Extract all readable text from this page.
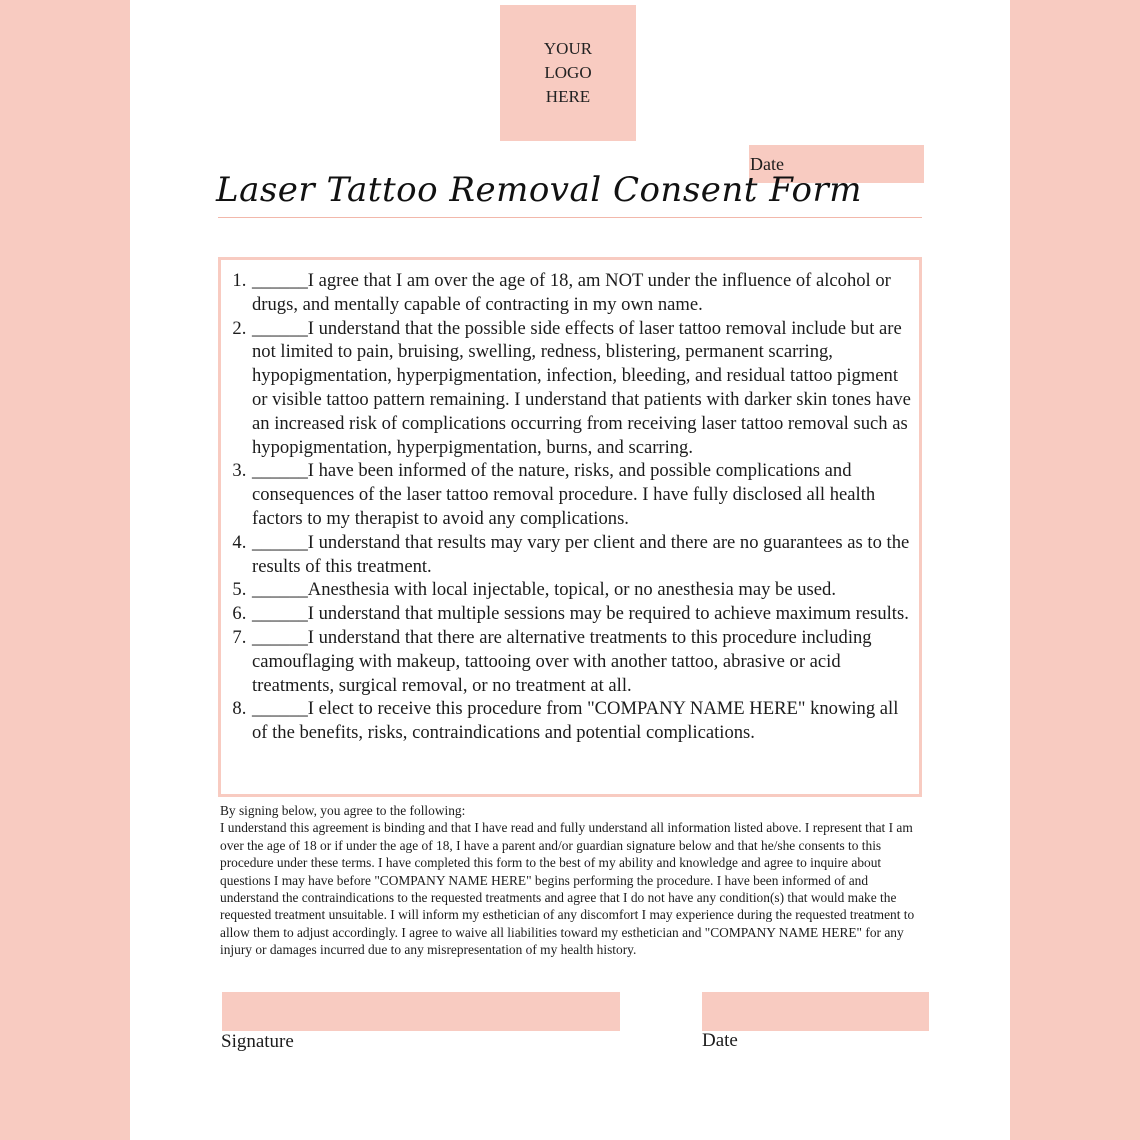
YOUR
LOGO
HERE
Date
Laser Tattoo Removal Consent Form
1. ______I agree that I am over the age of 18, am NOT under the influence of alcohol or drugs, and mentally capable of contracting in my own name.
2. ______I understand that the possible side effects of laser tattoo removal include but are not limited to pain, bruising, swelling, redness, blistering, permanent scarring, hypopigmentation, hyperpigmentation, infection, bleeding, and residual tattoo pigment or visible tattoo pattern remaining. I understand that patients with darker skin tones have an increased risk of complications occurring from receiving laser tattoo removal such as hypopigmentation, hyperpigmentation, burns, and scarring.
3. ______I have been informed of the nature, risks, and possible complications and consequences of the laser tattoo removal procedure. I have fully disclosed all health factors to my therapist to avoid any complications.
4. ______I understand that results may vary per client and there are no guarantees as to the results of this treatment.
5. ______Anesthesia with local injectable, topical, or no anesthesia may be used.
6. ______I understand that multiple sessions may be required to achieve maximum results.
7. ______I understand that there are alternative treatments to this procedure including camouflaging with makeup, tattooing over with another tattoo, abrasive or acid treatments, surgical removal, or no treatment at all.
8. ______I elect to receive this procedure from "COMPANY NAME HERE" knowing all of the benefits, risks, contraindications and potential complications.

By signing below, you agree to the following:

I understand this agreement is binding and that I have read and fully understand all information listed above. I represent that I am over the age of 18 or if under the age of 18, I have a parent and/or guardian signature below and that he/she consents to this procedure under these terms. I have completed this form to the best of my ability and knowledge and agree to inquire about questions I may have before "COMPANY NAME HERE" begins performing the procedure. I have been informed of and understand the contraindications to the requested treatments and agree that I do not have any condition(s) that would make the requested treatment unsuitable. I will inform my esthetician of any discomfort I may experience during the requested treatment to allow them to adjust accordingly. I agree to waive all liabilities toward my esthetician and "COMPANY NAME HERE" for any injury or damages incurred due to any misrepresentation of my health history.

Signature	Date
